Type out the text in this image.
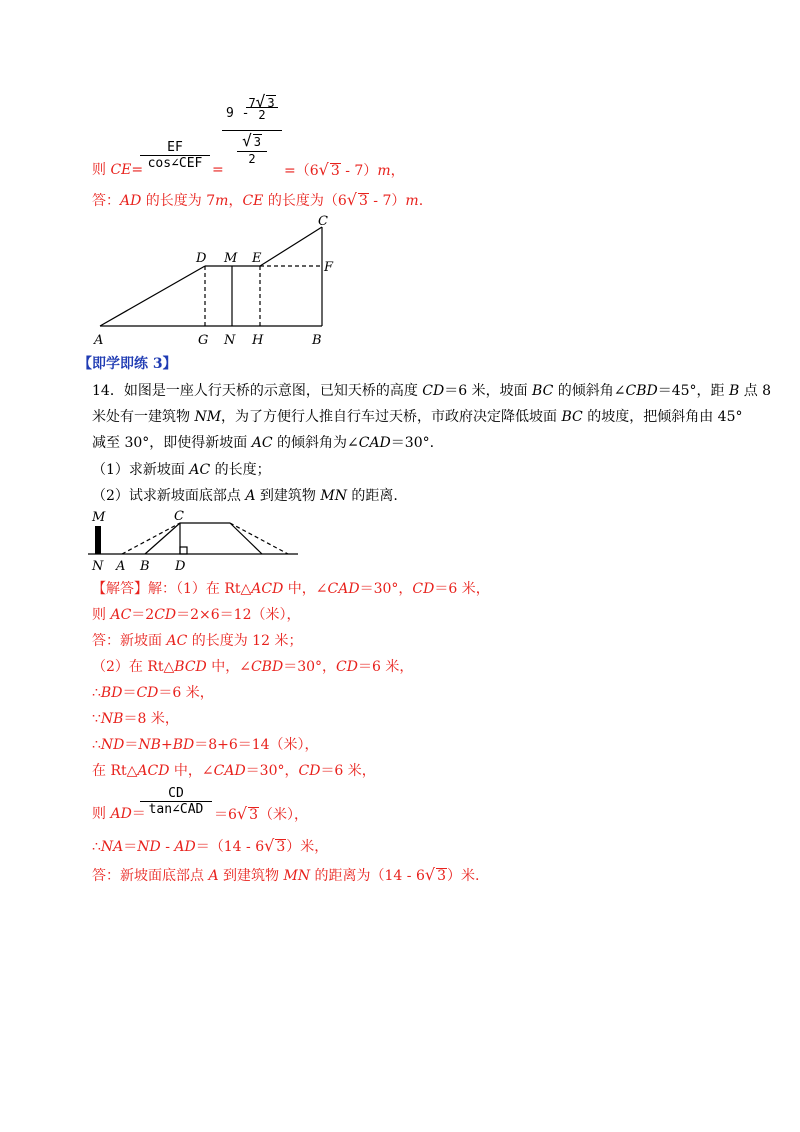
9 -
7√ 3
2
√ 3
2
则 CE=
EF
cos∠CEF =	=（6√ 3 - 7）m，
答：AD 的长度为 7m，CE 的长度为（6√ 3 - 7）m.
A	B
C
D	E
F
G	H
M
N
【即学即练 3】
14．如图是一座人行天桥的示意图，已知天桥的高度 CD＝6 米，坡面 BC 的倾斜角∠CBD＝45°，距 B 点 8
米处有一建筑物 NM，为了方便行人推自行车过天桥，市政府决定降低坡面 BC 的坡度，把倾斜角由 45°
减至 30°，即使得新坡面 AC 的倾斜角为∠CAD＝30°.
（1）求新坡面 AC 的长度；
（2）试求新坡面底部点 A 到建筑物 MN 的距离.
M
N A B
C
D
【解答】解：（1）在 Rt△ACD 中，∠CAD＝30°，CD＝6 米，
则 AC＝2CD＝2×6＝12（米），
答：新坡面 AC 的长度为 12 米；
（2）在 Rt△BCD 中，∠CBD＝30°，CD＝6 米，
∴BD＝CD＝6 米，
∵NB＝8 米，
∴ND＝NB+BD＝8+6＝14（米），
在 Rt△ACD 中，∠CAD＝30°，CD＝6 米，
则 AD＝
CD
tan∠CAD ＝6√ 3（米），
∴NA＝ND - AD＝（14 - 6√ 3）米，
答：新坡面底部点 A 到建筑物 MN 的距离为（14 - 6√ 3）米.
